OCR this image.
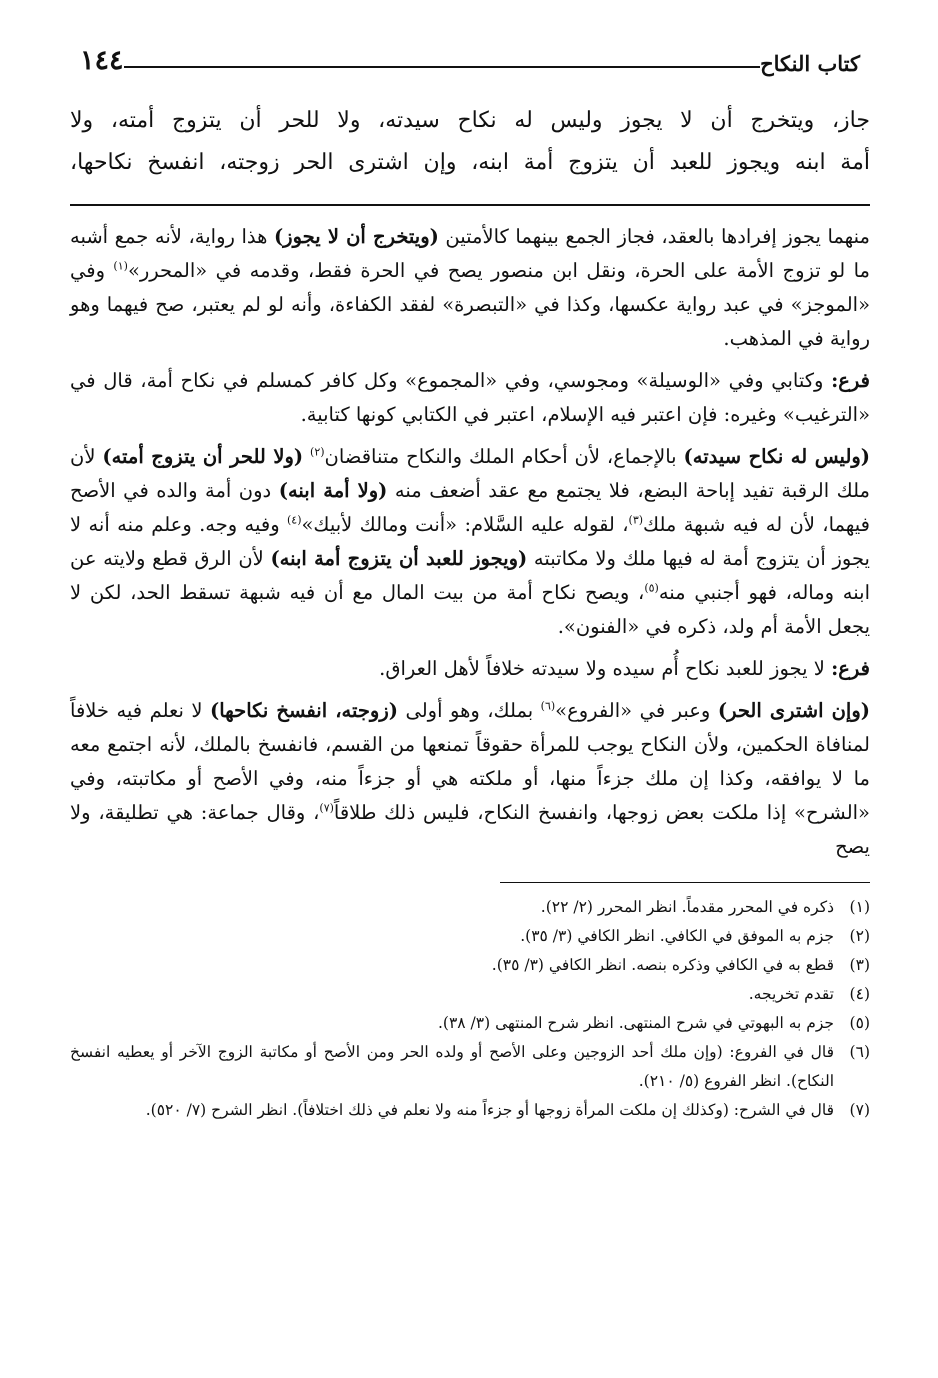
كتاب النكاح
١٤٤
جاز، ويتخرج أن لا يجوز وليس له نكاح سيدته، ولا للحر أن يتزوج أمته، ولا
أمة ابنه ويجوز للعبد أن يتزوج أمة ابنه، وإن اشترى الحر زوجته، انفسخ نكاحها،

منهما يجوز إفرادها بالعقد، فجاز الجمع بينهما كالأمتين (ويتخرج أن لا يجوز) هذا رواية، لأنه جمع أشبه ما لو تزوج الأمة على الحرة، ونقل ابن منصور يصح في الحرة فقط، وقدمه في «المحرر»$^{(١)}$ وفي «الموجز» في عبد رواية عكسها، وكذا في «التبصرة» لفقد الكفاءة، وأنه لو لم يعتبر، صح فيهما وهو رواية في المذهب.

فرع: وكتابي وفي «الوسيلة» ومجوسي، وفي «المجموع» وكل كافر كمسلم في نكاح أمة، قال في «الترغيب» وغيره: فإن اعتبر فيه الإسلام، اعتبر في الكتابي كونها كتابية.

(وليس له نكاح سيدته) بالإجماع، لأن أحكام الملك والنكاح متناقضان$^{(٢)}$ (ولا للحر أن يتزوج أمته) لأن ملك الرقبة تفيد إباحة البضع، فلا يجتمع مع عقد أضعف منه (ولا أمة ابنه) دون أمة والده في الأصح فيهما، لأن له فيه شبهة ملك$^{(٣)}$، لقوله عليه السَّلام: «أنت ومالك لأبيك»$^{(٤)}$ وفيه وجه. وعلم منه أنه لا يجوز أن يتزوج أمة له فيها ملك ولا مكاتبته (ويجوز للعبد أن يتزوج أمة ابنه) لأن الرق قطع ولايته عن ابنه وماله، فهو أجنبي منه$^{(٥)}$، ويصح نكاح أمة من بيت المال مع أن فيه شبهة تسقط الحد، لكن لا يجعل الأمة أم ولد، ذكره في «الفنون».

فرع: لا يجوز للعبد نكاح أُم سيده ولا سيدته خلافاً لأهل العراق.

(وإن اشترى الحر) وعبر في «الفروع»$^{(٦)}$ بملك، وهو أولى (زوجته، انفسخ نكاحها) لا نعلم فيه خلافاً لمنافاة الحكمين، ولأن النكاح يوجب للمرأة حقوقاً تمنعها من القسم، فانفسخ بالملك، لأنه اجتمع معه ما لا يوافقه، وكذا إن ملك جزءاً منها، أو ملكته هي أو جزءاً منه، وفي الأصح أو مكاتبته، وفي «الشرح» إذا ملكت بعض زوجها، وانفسخ النكاح، فليس ذلك طلاقاً$^{(٧)}$، وقال جماعة: هي تطليقة، ولا يصح

(١)
ذكره في المحرر مقدماً. انظر المحرر (٢/ ٢٢).
(٢)
جزم به الموفق في الكافي. انظر الكافي (٣/ ٣٥).
(٣)
قطع به في الكافي وذكره بنصه. انظر الكافي (٣/ ٣٥).
(٤)
تقدم تخريجه.
(٥)
جزم به البهوتي في شرح المنتهى. انظر شرح المنتهى (٣/ ٣٨).
(٦)
قال في الفروع: (وإن ملك أحد الزوجين وعلى الأصح أو ولده الحر ومن الأصح أو مكاتبة الزوج الآخر أو يعطيه انفسخ النكاح). انظر الفروع (٥/ ٢١٠).
(٧)
قال في الشرح: (وكذلك إن ملكت المرأة زوجها أو جزءاً منه ولا نعلم في ذلك اختلافاً). انظر الشرح (٧/ ٥٢٠).
